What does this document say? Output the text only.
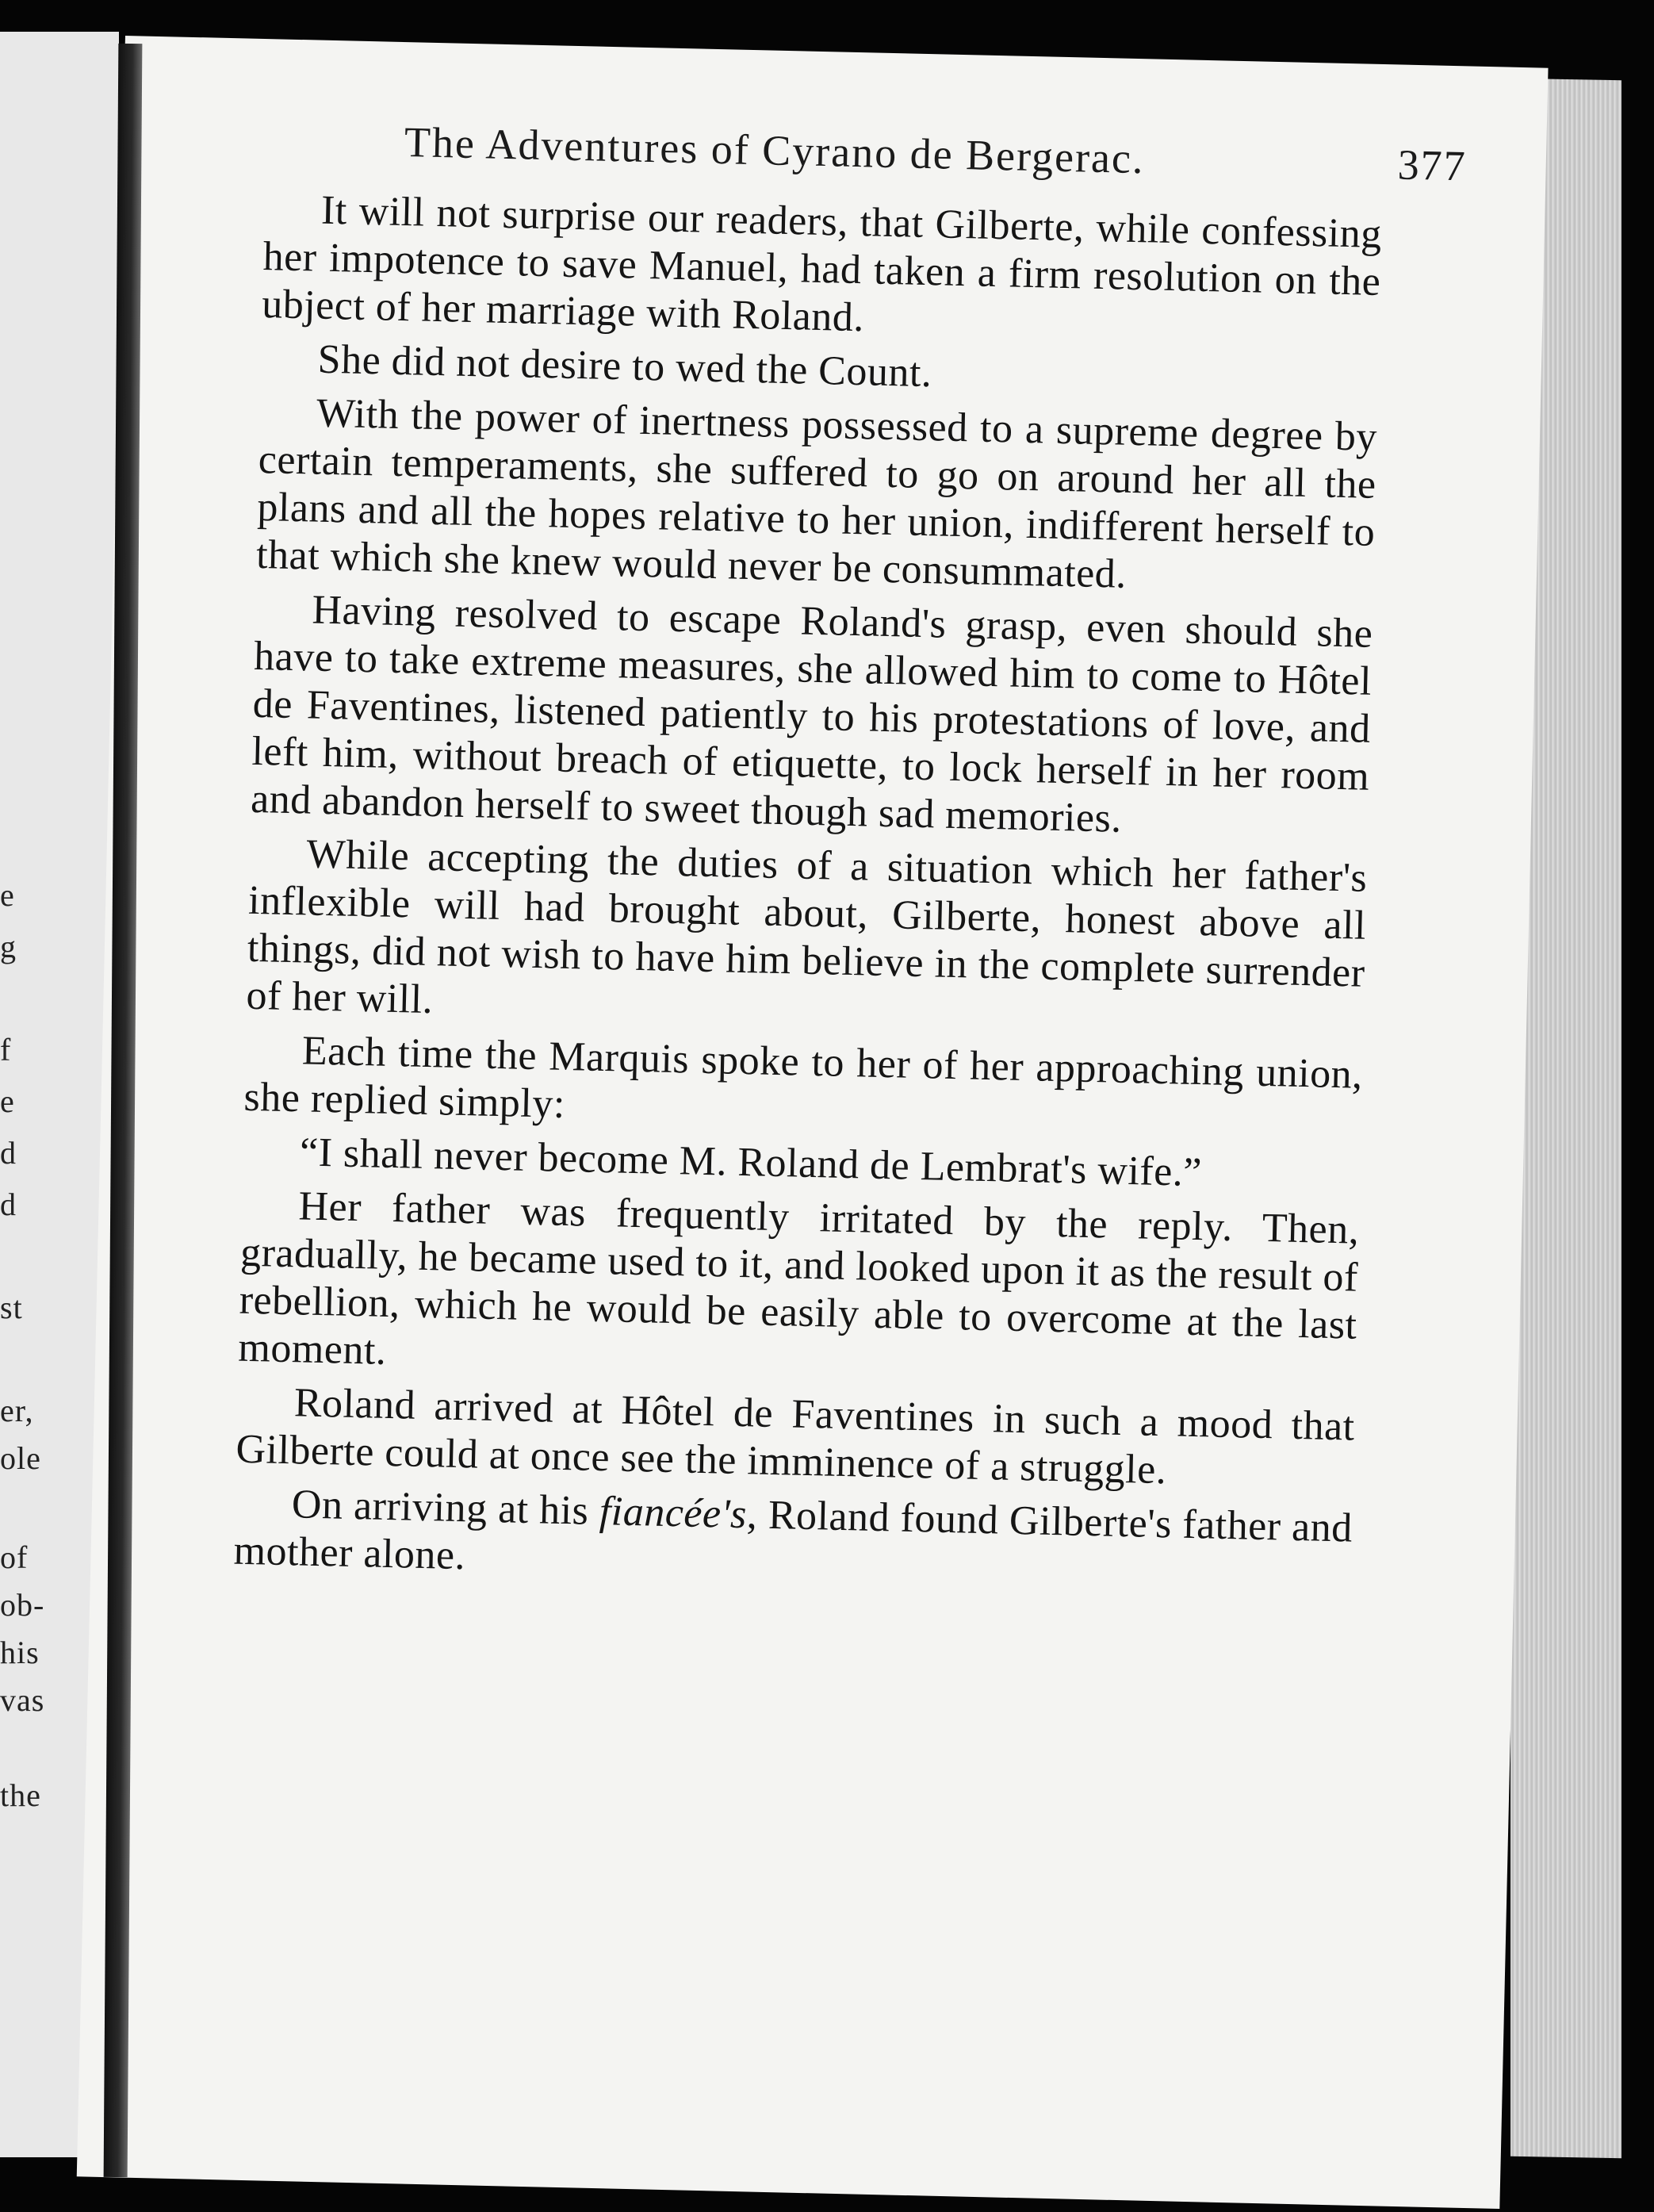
e
g
f
e
d
d
st
er,
ole
of
ob-
his
vas
the
The Adventures of Cyrano de Bergerac.	377

It will not surprise our readers, that Gilberte, while confessing her impotence to save Manuel, had taken a firm resolution on the ubject of her marriage with Roland.

She did not desire to wed the Count.

With the power of inertness possessed to a supreme degree by certain temperaments, she suffered to go on around her all the plans and all the hopes relative to her union, indifferent herself to that which she knew would never be consummated.

Having resolved to escape Roland's grasp, even should she have to take extreme measures, she allowed him to come to Hôtel de Faventines, listened patiently to his protestations of love, and left him, without breach of etiquette, to lock herself in her room and abandon herself to sweet though sad memories.

While accepting the duties of a situation which her father's inflexible will had brought about, Gilberte, honest above all things, did not wish to have him believe in the complete surrender of her will.

Each time the Marquis spoke to her of her approaching union, she replied simply:

“I shall never become M. Roland de Lembrat's wife.”

Her father was frequently irritated by the reply. Then, gradually, he became used to it, and looked upon it as the result of rebellion, which he would be easily able to overcome at the last moment.

Roland arrived at Hôtel de Faventines in such a mood that Gilberte could at once see the imminence of a struggle.

On arriving at his fiancée's, Roland found Gilberte's father and mother alone.
